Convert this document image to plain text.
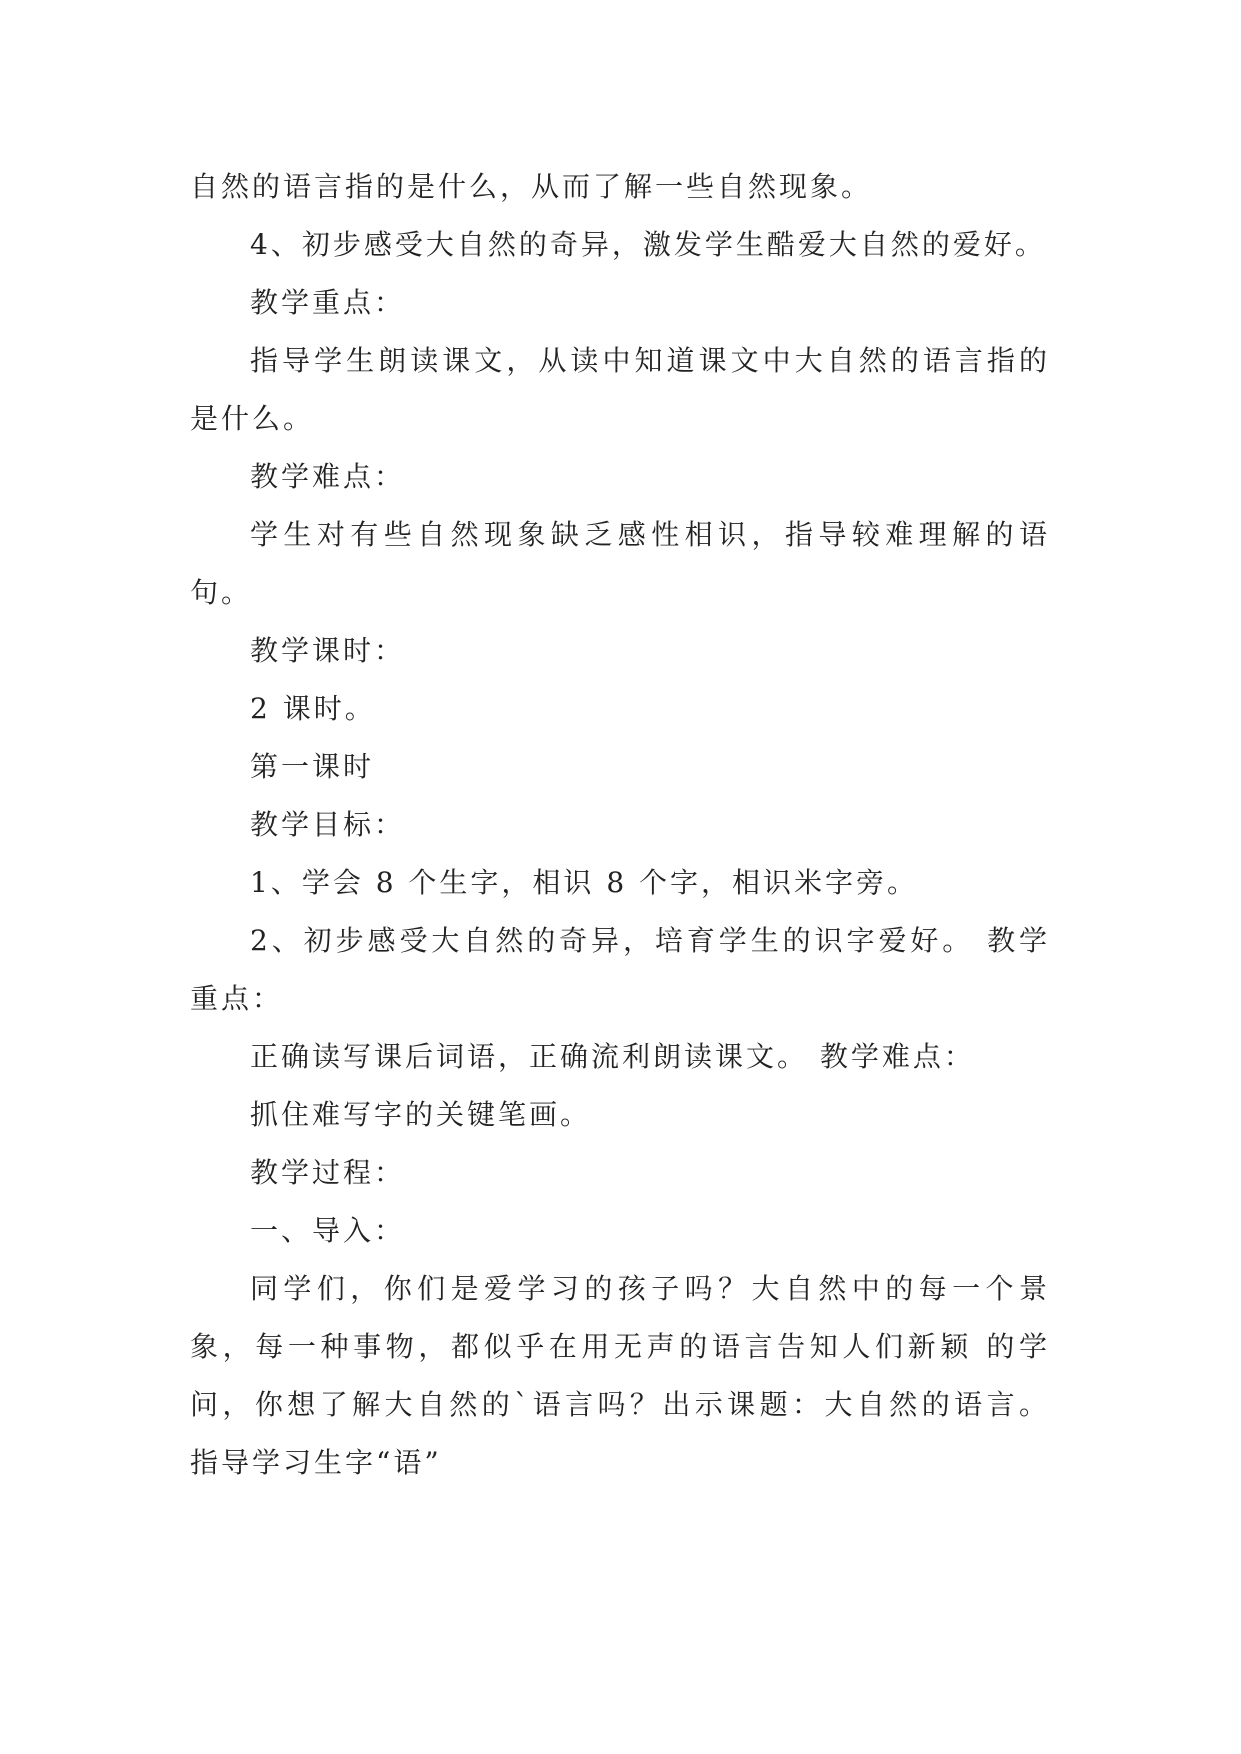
自然的语言指的是什么，从而了解一些自然现象。

4、初步感受大自然的奇异，激发学生酷爱大自然的爱好。

教学重点：

指导学生朗读课文，从读中知道课文中大自然的语言指的是什么。

教学难点：

学生对有些自然现象缺乏感性相识，指导较难理解的语句。

教学课时：

2 课时。

第一课时

教学目标：

1、学会 8 个生字，相识 8 个字，相识米字旁。

2、初步感受大自然的奇异，培育学生的识字爱好。 教学重点：

正确读写课后词语，正确流利朗读课文。 教学难点：

抓住难写字的关键笔画。

教学过程：

一、导入：

同学们，你们是爱学习的孩子吗？大自然中的每一个景象，每一种事物，都似乎在用无声的语言告知人们新颖 的学问，你想了解大自然的`语言吗？出示课题：大自然的语言。 指导学习生字“语”
